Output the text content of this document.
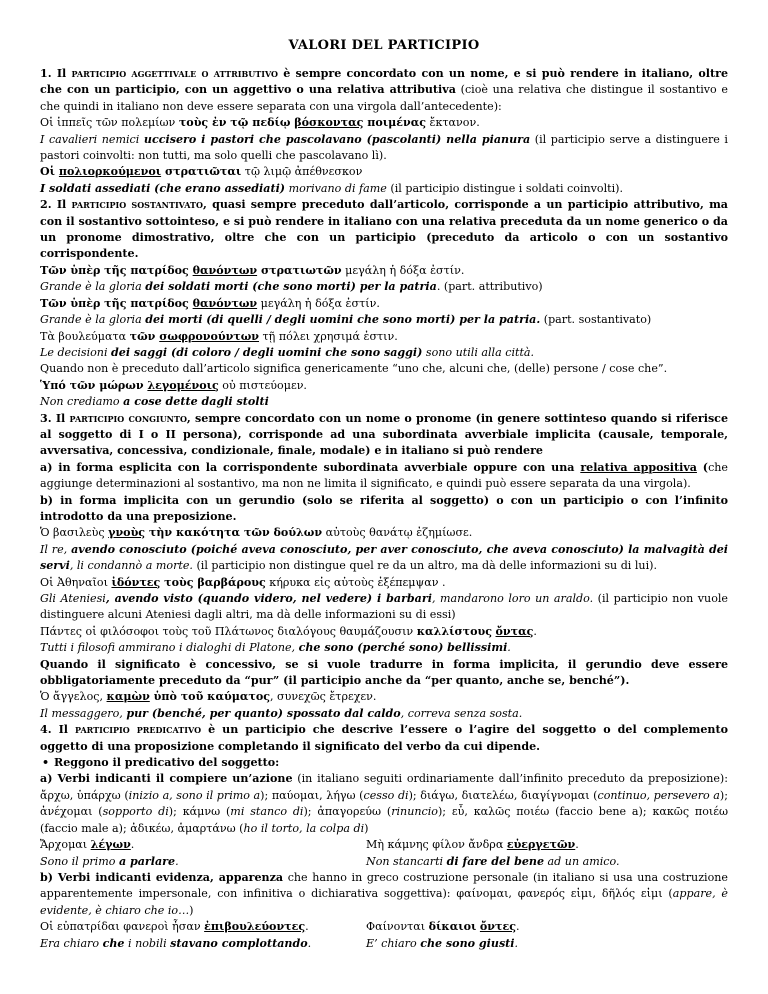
VALORI DEL PARTICIPIO

1. Il participio aggettivale o attributivo è sempre concordato con un nome, e si può rendere in italiano, oltre che con un participio, con un aggettivo o una relativa attributiva (cioè una relativa che distingue il sostantivo e che quindi in italiano non deve essere separata con una virgola dall’antecedente):

Οἱ ἱππεῖς τῶν πολεμίων τοὺς ἐν τῷ πεδίῳ βόσκοντας ποιμένας ἔκτανον.

I cavalieri nemici uccisero i pastori che pascolavano (pascolanti) nella pianura (il participio serve a distinguere i pastori coinvolti: non tutti, ma solo quelli che pascolavano lì).

Οἱ πολιορκούμενοι στρατιῶται τῷ λιμῷ ἀπέθνεσκον

I soldati assediati (che erano assediati) morivano di fame (il participio distingue i soldati coinvolti).

2. Il participio sostantivato, quasi sempre preceduto dall’articolo, corrisponde a un participio attributivo, ma con il sostantivo sottointeso, e si può rendere in italiano con una relativa preceduta da un nome generico o da un pronome dimostrativo, oltre che con un participio (preceduto da articolo o con un sostantivo corrispondente.

Τῶν ὑπὲρ τῆς πατρίδος θανόντων στρατιωτῶν μεγάλη ἡ δόξα ἐστίν.

Grande è la gloria dei soldati morti (che sono morti) per la patria. (part. attributivo)

Τῶν ὑπὲρ τῆς πατρίδος θανόντων μεγάλη ἡ δόξα ἐστίν.

Grande è la gloria dei morti (di quelli / degli uomini che sono morti) per la patria. (part. sostantivato)

Τὰ βουλεύματα τῶν σωφρονούντων τῇ πόλει χρησιμά ἐστιν.

Le decisioni dei saggi (di coloro / degli uomini che sono saggi) sono utili alla città.

Quando non è preceduto dall’articolo significa genericamente “uno che, alcuni che, (delle) persone / cose che”.

Ὑπό τῶν μώρων λεγομένοις οὐ πιστεύομεν.

Non crediamo a cose dette dagli stolti

3. Il participio congiunto, sempre concordato con un nome o pronome (in genere sottinteso quando si riferisce al soggetto di I o II persona), corrisponde ad una subordinata avverbiale implicita (causale, temporale, avversativa, concessiva, condizionale, finale, modale) e in italiano si può rendere

a) in forma esplicita con la corrispondente subordinata avverbiale oppure con una relativa appositiva (che aggiunge determinazioni al sostantivo, ma non ne limita il significato, e quindi può essere separata da una virgola).

b) in forma implicita con un gerundio (solo se riferita al soggetto) o con un participio o con l’infinito introdotto da una preposizione.

Ὁ βασιλεὺς γνοὺς τὴν κακότητα τῶν δούλων αὐτοὺς θανάτῳ ἐζημίωσε.

Il re, avendo conosciuto (poiché aveva conosciuto, per aver conosciuto, che aveva conosciuto) la malvagità dei servi, li condannò a morte. (il participio non distingue quel re da un altro, ma dà delle informazioni su di lui).

Οἱ Ἀθηναῖοι ἰδόντες τοὺς βαρβάρους κήρυκα εἰς αὐτοὺς ἐξέπεμψαν .

Gli Ateniesi, avendo visto (quando videro, nel vedere) i barbari, mandarono loro un araldo. (il participio non vuole distinguere alcuni Ateniesi dagli altri, ma dà delle informazioni su di essi)

Πάντες οἱ φιλόσοφοι τοὺς τοῦ Πλάτωνος διαλόγους θαυμάζουσιν καλλίστους ὄντας.

Tutti i filosofi ammirano i dialoghi di Platone, che sono (perché sono) bellissimi.

Quando il significato è concessivo, se si vuole tradurre in forma implicita, il gerundio deve essere obbligatoriamente preceduto da “pur” (il participio anche da “per quanto, anche se, benché”).

Ὁ ἄγγελος, καμὼν ὑπὸ τοῦ καύματος, συνεχῶς ἔτρεχεν.

Il messaggero, pur (benché, per quanto) spossato dal caldo, correva senza sosta.

4. Il participio predicativo è un participio che descrive l’essere o l’agire del soggetto o del complemento oggetto di una proposizione completando il significato del verbo da cui dipende.

• Reggono il predicativo del soggetto:

a) Verbi indicanti il compiere un’azione (in italiano seguiti ordinariamente dall’infinito preceduto da preposizione): ἄρχω, ὑπάρχω (inizio a, sono il primo a); παύομαι, λήγω (cesso di); διάγω, διατελέω, διαγίγνομαι (continuo, persevero a); ἀνέχομαι (sopporto di); κάμνω (mi stanco di); ἀπαγορεύω (rinuncio); εὖ, καλῶς ποιέω (faccio bene a); κακῶς ποιέω (faccio male a); ἀδικέω, ἁμαρτάνω (ho il torto, la colpa di)

Ἄρχομαι λέγων.	Μὴ κάμνης φίλον ἄνδρα εὐεργετῶν.

Sono il primo a parlare.	Non stancarti di fare del bene ad un amico.

b) Verbi indicanti evidenza, apparenza che hanno in greco costruzione personale (in italiano si usa una costruzione apparentemente impersonale, con infinitiva o dichiarativa soggettiva): φαίνομαι, φανερός εἰμι, δῆλός εἰμι (appare, è evidente, è chiaro che io…)

Οἱ εὐπατρίδαι φανεροὶ ἦσαν ἐπιβουλεύοντες.	Φαίνονται δίκαιοι ὄντες.

Era chiaro che i nobili stavano complottando.	E’ chiaro che sono giusti.
